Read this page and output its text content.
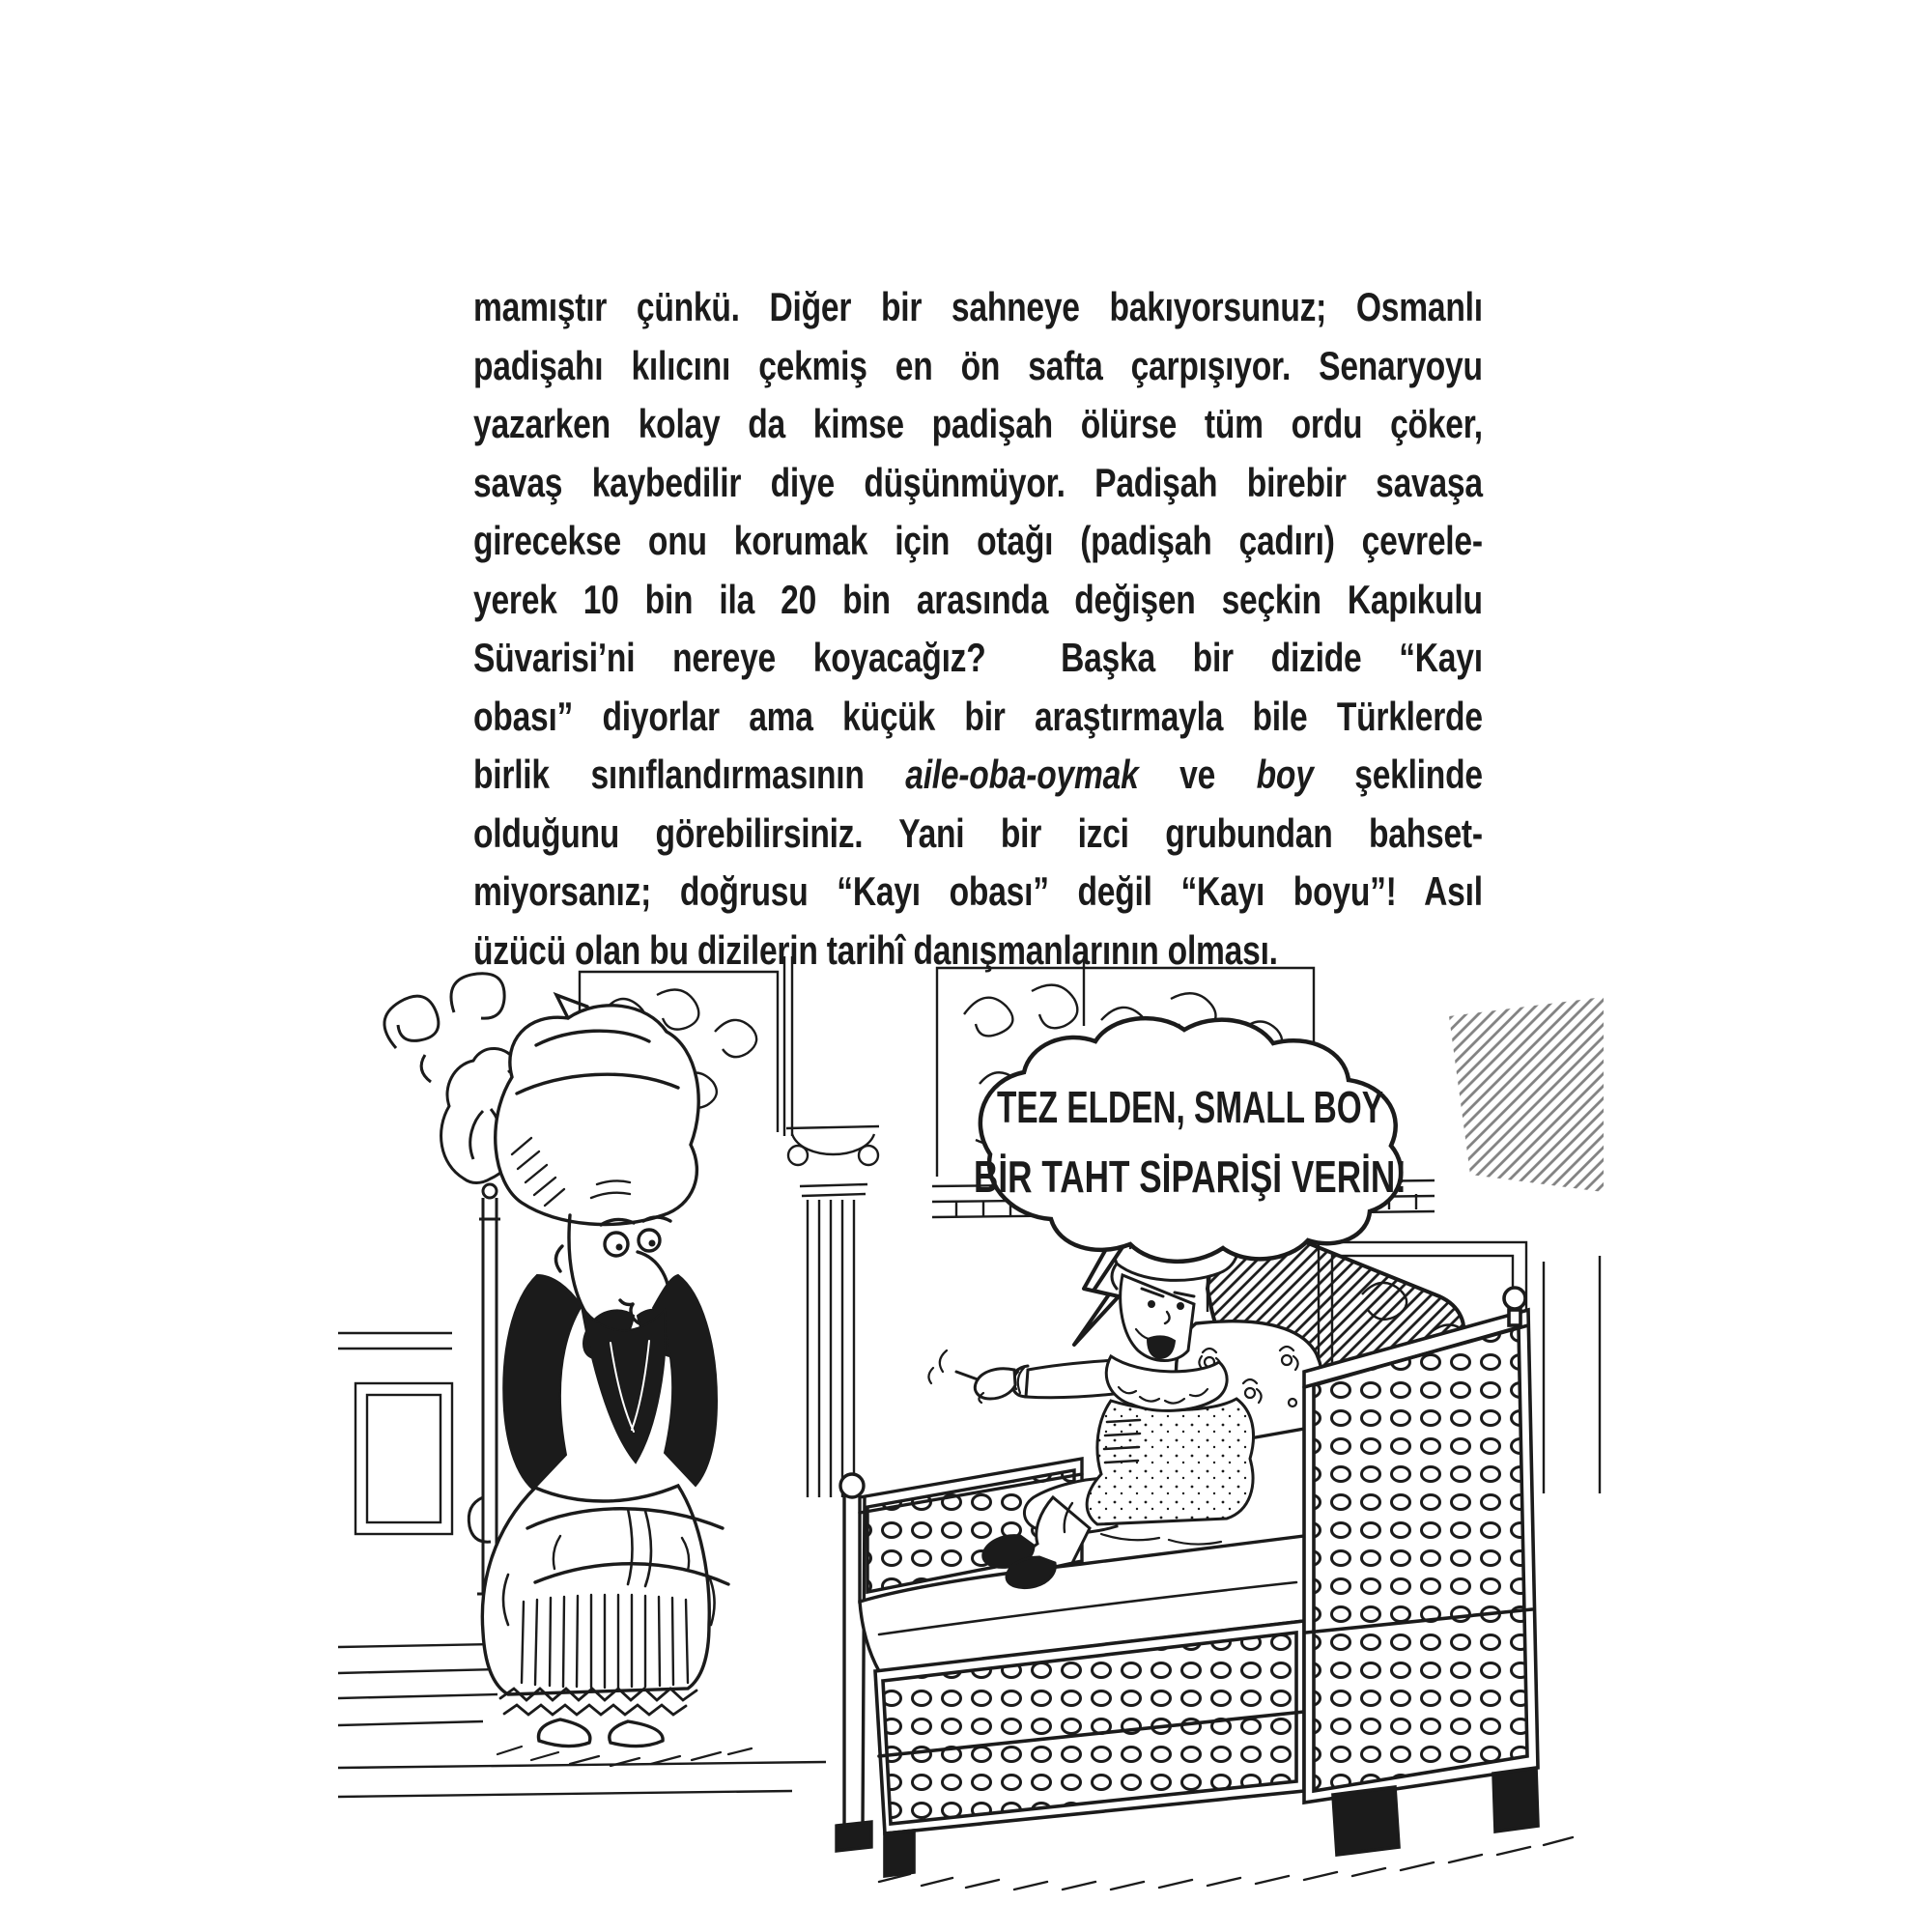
mamıştır çünkü. Diğer bir sahneye bakıyorsunuz; Osmanlı
padişahı kılıcını çekmiş en ön safta çarpışıyor. Senaryoyu
yazarken kolay da kimse padişah ölürse tüm ordu çöker,
savaş kaybedilir diye düşünmüyor. Padişah birebir savaşa
girecekse onu korumak için otağı (padişah çadırı) çevrele-
yerek 10 bin ila 20 bin arasında değişen seçkin Kapıkulu
Süvarisi’ni nereye koyacağız?  Başka bir dizide “Kayı
obası” diyorlar ama küçük bir araştırmayla bile Türklerde
birlik sınıflandırmasının aile-oba-oymak ve boy şeklinde
olduğunu görebilirsiniz. Yani bir izci grubundan bahset-
miyorsanız; doğrusu “Kayı obası” değil “Kayı boyu”! Asıl
üzücü olan bu dizilerin tarihî danışmanlarının olması.
TEZ ELDEN, SMALL BOY
BİR TAHT SİPARİŞİ VERİN!
